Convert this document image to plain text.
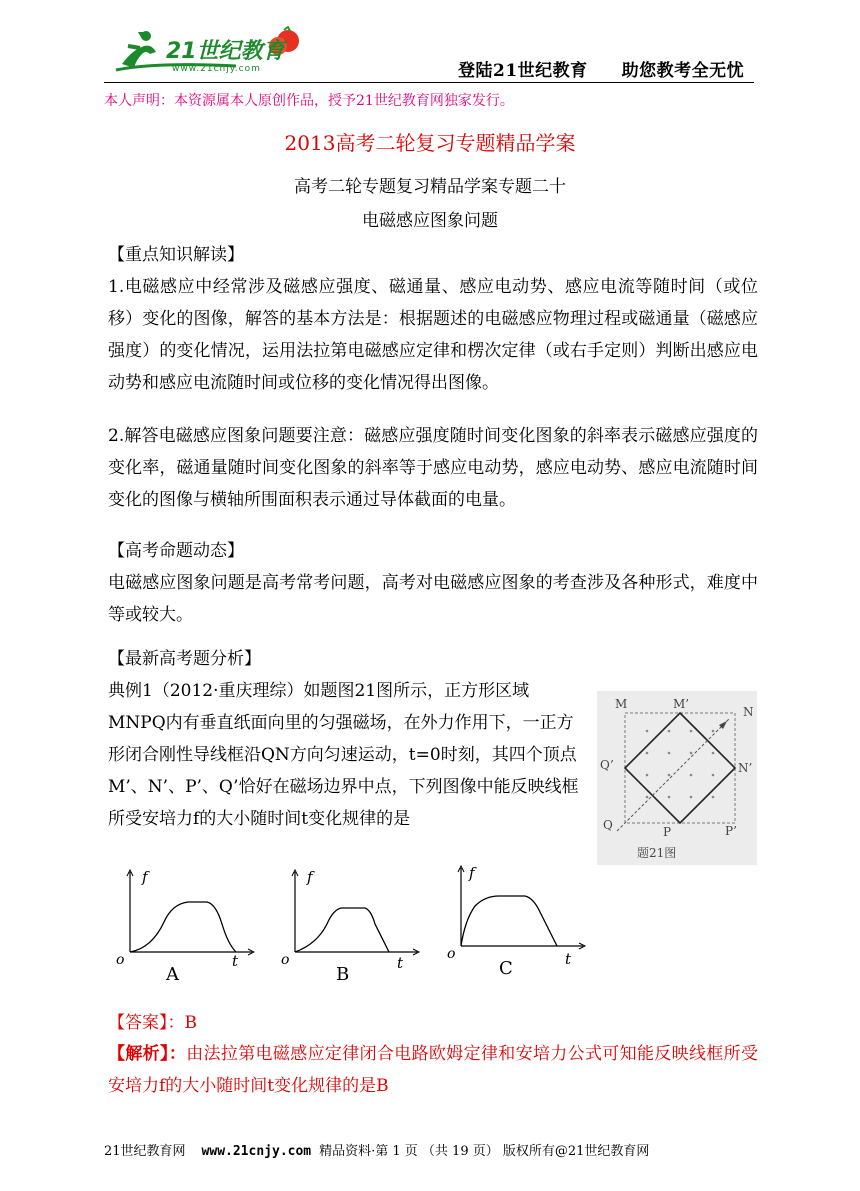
21世纪教育
www.21cnjy.com	登陆21世纪教育 助您教考全无忧
本人声明：本资源属本人原创作品，授予21世纪教育网独家发行。
2013高考二轮复习专题精品学案
高考二轮专题复习精品学案专题二十
电磁感应图象问题
【重点知识解读】
1.电磁感应中经常涉及磁感应强度、磁通量、感应电动势、感应电流等随时间（或位移）变化的图像，解答的基本方法是：根据题述的电磁感应物理过程或磁通量（磁感应强度）的变化情况，运用法拉第电磁感应定律和楞次定律（或右手定则）判断出感应电动势和感应电流随时间或位移的变化情况得出图像。
2.解答电磁感应图象问题要注意：磁感应强度随时间变化图象的斜率表示磁感应强度的变化率，磁通量随时间变化图象的斜率等于感应电动势，感应电动势、感应电流随时间变化的图像与横轴所围面积表示通过导体截面的电量。
【高考命题动态】
电磁感应图象问题是高考常考问题，高考对电磁感应图象的考查涉及各种形式，难度中等或较大。
【最新高考题分析】
典例1（2012·重庆理综）如题图21图所示，正方形区域MNPQ内有垂直纸面向里的匀强磁场，在外力作用下，一正方形闭合刚性导线框沿QN方向匀速运动，t=0时刻，其四个顶点M’、N’、P’、Q’恰好在磁场边界中点，下列图像中能反映线框所受安培力f的大小随时间t变化规律的是
M	M’
N
Q’	N’
Q	P	P’
题21图
f
t
o
A
f
t
o
B
f
t
o
C
【答案】：B
【解析】：由法拉第电磁感应定律闭合电路欧姆定律和安培力公式可知能反映线框所受安培力f的大小随时间t变化规律的是B
21世纪教育网 www.21cnjy.com 精品资料·第 1 页 （共 19 页） 版权所有@21世纪教育网
